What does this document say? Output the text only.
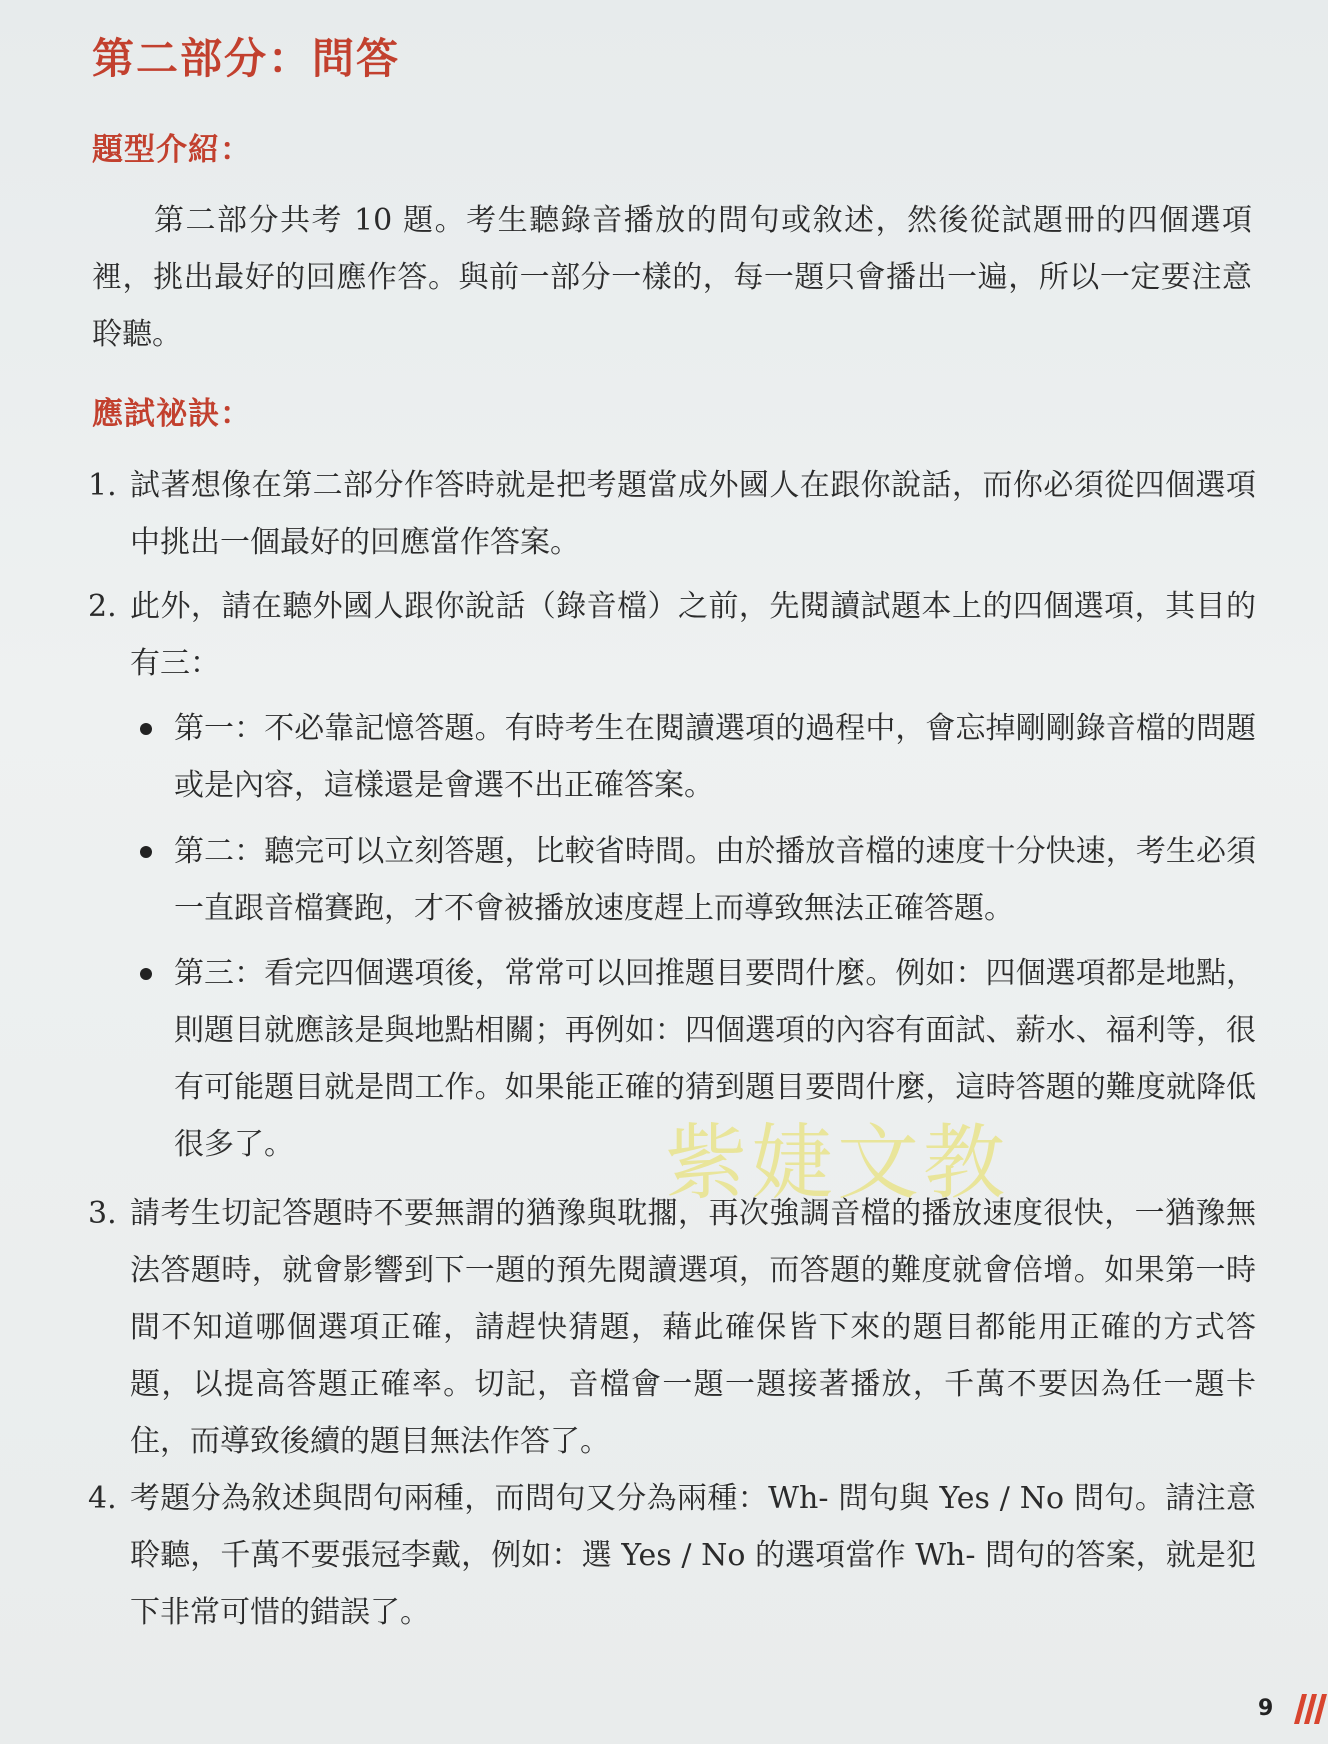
第二部分：問答
題型介紹：

第二部分共考 10 題。考生聽錄音播放的問句或敘述，然後從試題冊的四個選項裡，挑出最好的回應作答。與前一部分一樣的，每一題只會播出一遍，所以一定要注意聆聽。

應試祕訣：
1. 試著想像在第二部分作答時就是把考題當成外國人在跟你說話，而你必須從四個選項中挑出一個最好的回應當作答案。
2. 此外，請在聽外國人跟你說話（錄音檔）之前，先閱讀試題本上的四個選項，其目的有三：
第一：不必靠記憶答題。有時考生在閱讀選項的過程中，會忘掉剛剛錄音檔的問題或是內容，這樣還是會選不出正確答案。
第二：聽完可以立刻答題，比較省時間。由於播放音檔的速度十分快速，考生必須一直跟音檔賽跑，才不會被播放速度趕上而導致無法正確答題。
第三：看完四個選項後，常常可以回推題目要問什麼。例如：四個選項都是地點，則題目就應該是與地點相關；再例如：四個選項的內容有面試、薪水、福利等，很有可能題目就是問工作。如果能正確的猜到題目要問什麼，這時答題的難度就降低很多了。
3. 請考生切記答題時不要無謂的猶豫與耽擱，再次強調音檔的播放速度很快，一猶豫無法答題時，就會影響到下一題的預先閱讀選項，而答題的難度就會倍增。如果第一時間不知道哪個選項正確，請趕快猜題，藉此確保皆下來的題目都能用正確的方式答題，以提高答題正確率。切記，音檔會一題一題接著播放，千萬不要因為任一題卡住，而導致後續的題目無法作答了。
4. 考題分為敘述與問句兩種，而問句又分為兩種：Wh- 問句與 Yes / No 問句。請注意聆聽，千萬不要張冠李戴，例如：選 Yes / No 的選項當作 Wh- 問句的答案，就是犯下非常可惜的錯誤了。
紫婕文教
9
